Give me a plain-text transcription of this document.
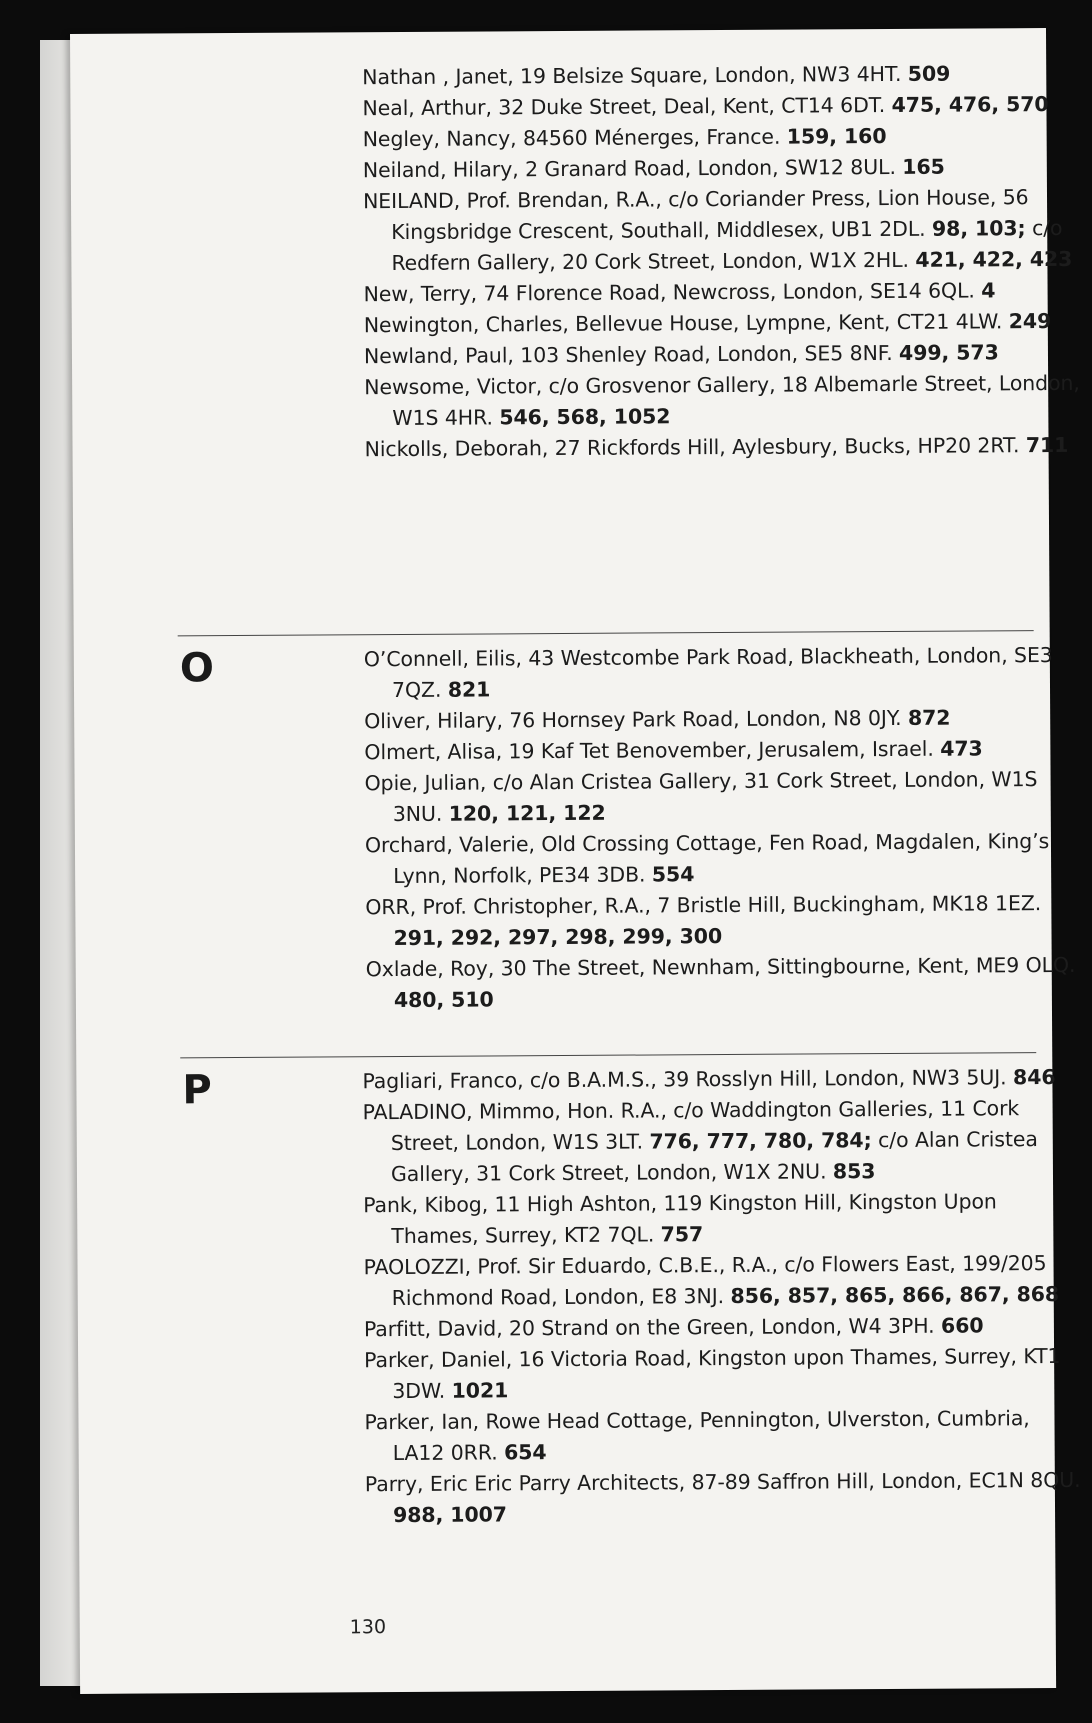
Nathan , Janet, 19 Belsize Square, London, NW3 4HT. 509

Neal, Arthur, 32 Duke Street, Deal, Kent, CT14 6DT. 475, 476, 570

Negley, Nancy, 84560 Ménerges, France. 159, 160

Neiland, Hilary, 2 Granard Road, London, SW12 8UL. 165

NEILAND, Prof. Brendan, R.A., c/o Coriander Press, Lion House, 56 Kingsbridge Crescent, Southall, Middlesex, UB1 2DL. 98, 103; c/o Redfern Gallery, 20 Cork Street, London, W1X 2HL. 421, 422, 423

New, Terry, 74 Florence Road, Newcross, London, SE14 6QL. 4

Newington, Charles, Bellevue House, Lympne, Kent, CT21 4LW. 249

Newland, Paul, 103 Shenley Road, London, SE5 8NF. 499, 573

Newsome, Victor, c/o Grosvenor Gallery, 18 Albemarle Street, London, W1S 4HR. 546, 568, 1052

Nickolls, Deborah, 27 Rickfords Hill, Aylesbury, Bucks, HP20 2RT. 711

O	O’Connell, Eilis, 43 Westcombe Park Road, Blackheath, London, SE3 7QZ. 821

Oliver, Hilary, 76 Hornsey Park Road, London, N8 0JY. 872

Olmert, Alisa, 19 Kaf Tet Benovember, Jerusalem, Israel. 473

Opie, Julian, c/o Alan Cristea Gallery, 31 Cork Street, London, W1S 3NU. 120, 121, 122

Orchard, Valerie, Old Crossing Cottage, Fen Road, Magdalen, King’s Lynn, Norfolk, PE34 3DB. 554

ORR, Prof. Christopher, R.A., 7 Bristle Hill, Buckingham, MK18 1EZ. 291, 292, 297, 298, 299, 300

Oxlade, Roy, 30 The Street, Newnham, Sittingbourne, Kent, ME9 OLQ. 480, 510

P	Pagliari, Franco, c/o B.A.M.S., 39 Rosslyn Hill, London, NW3 5UJ. 846

PALADINO, Mimmo, Hon. R.A., c/o Waddington Galleries, 11 Cork Street, London, W1S 3LT. 776, 777, 780, 784; c/o Alan Cristea Gallery, 31 Cork Street, London, W1X 2NU. 853

Pank, Kibog, 11 High Ashton, 119 Kingston Hill, Kingston Upon Thames, Surrey, KT2 7QL. 757

PAOLOZZI, Prof. Sir Eduardo, C.B.E., R.A., c/o Flowers East, 199/205 Richmond Road, London, E8 3NJ. 856, 857, 865, 866, 867, 868

Parfitt, David, 20 Strand on the Green, London, W4 3PH. 660

Parker, Daniel, 16 Victoria Road, Kingston upon Thames, Surrey, KT1 3DW. 1021

Parker, Ian, Rowe Head Cottage, Pennington, Ulverston, Cumbria, LA12 0RR. 654

Parry, Eric Eric Parry Architects, 87-89 Saffron Hill, London, EC1N 8QU. 988, 1007

130
